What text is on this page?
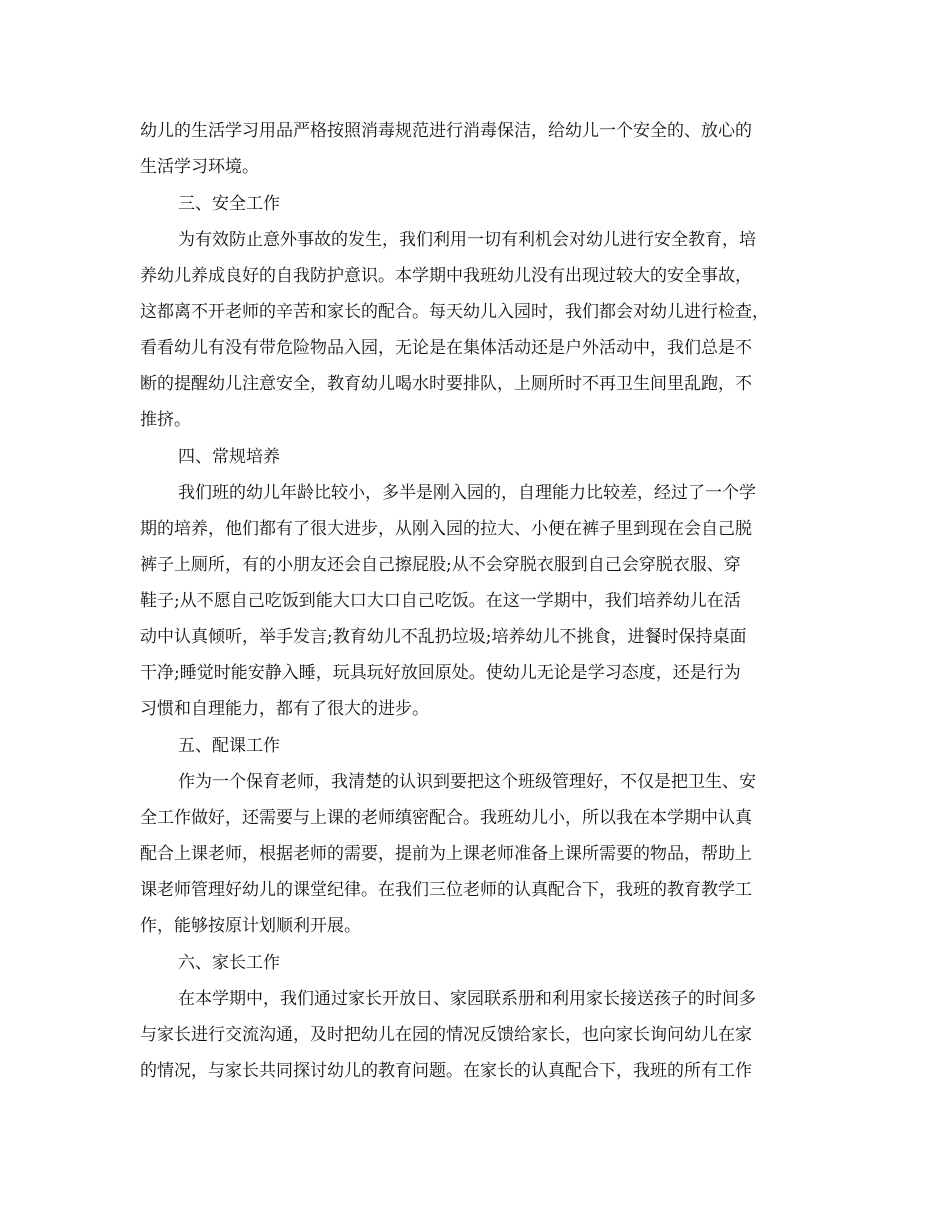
幼儿的生活学习用品严格按照消毒规范进行消毒保洁，给幼儿一个安全的、放心的
生活学习环境。
三、安全工作
为有效防止意外事故的发生，我们利用一切有利机会对幼儿进行安全教育，培
养幼儿养成良好的自我防护意识。本学期中我班幼儿没有出现过较大的安全事故，
这都离不开老师的辛苦和家长的配合。每天幼儿入园时，我们都会对幼儿进行检查，
看看幼儿有没有带危险物品入园，无论是在集体活动还是户外活动中，我们总是不
断的提醒幼儿注意安全，教育幼儿喝水时要排队，上厕所时不再卫生间里乱跑，不
推挤。
四、常规培养
我们班的幼儿年龄比较小，多半是刚入园的，自理能力比较差，经过了一个学
期的培养，他们都有了很大进步，从刚入园的拉大、小便在裤子里到现在会自己脱
裤子上厕所，有的小朋友还会自己擦屁股;从不会穿脱衣服到自己会穿脱衣服、穿
鞋子;从不愿自己吃饭到能大口大口自己吃饭。在这一学期中，我们培养幼儿在活
动中认真倾听，举手发言;教育幼儿不乱扔垃圾;培养幼儿不挑食，进餐时保持桌面
干净;睡觉时能安静入睡，玩具玩好放回原处。使幼儿无论是学习态度，还是行为
习惯和自理能力，都有了很大的进步。
五、配课工作
作为一个保育老师，我清楚的认识到要把这个班级管理好，不仅是把卫生、安
全工作做好，还需要与上课的老师缜密配合。我班幼儿小，所以我在本学期中认真
配合上课老师，根据老师的需要，提前为上课老师准备上课所需要的物品，帮助上
课老师管理好幼儿的课堂纪律。在我们三位老师的认真配合下，我班的教育教学工
作，能够按原计划顺利开展。
六、家长工作
在本学期中，我们通过家长开放日、家园联系册和利用家长接送孩子的时间多
与家长进行交流沟通，及时把幼儿在园的情况反馈给家长，也向家长询问幼儿在家
的情况，与家长共同探讨幼儿的教育问题。在家长的认真配合下，我班的所有工作
